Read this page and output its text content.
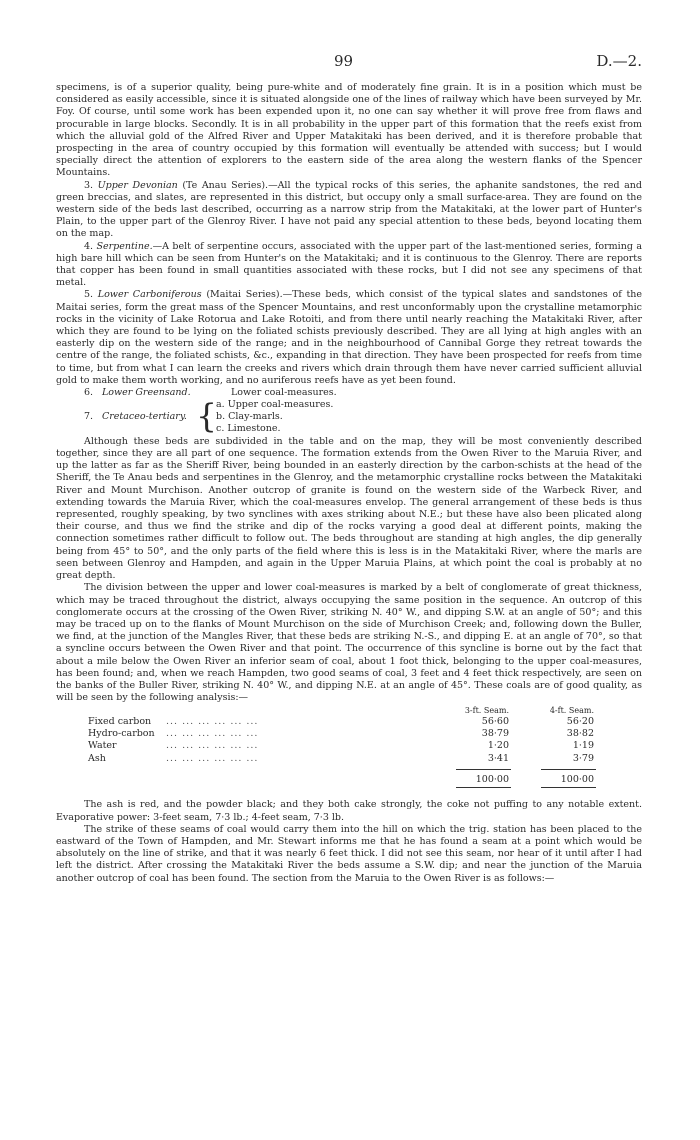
99	D.—2.

specimens, is of a superior quality, being pure-white and of moderately fine grain. It is in a position which must be considered as easily accessible, since it is situated alongside one of the lines of railway which have been surveyed by Mr. Foy. Of course, until some work has been expended upon it, no one can say whether it will prove free from flaws and procurable in large blocks. Secondly. It is in all probability in the upper part of this formation that the reefs exist from which the alluvial gold of the Alfred River and Upper Matakitaki has been derived, and it is therefore probable that prospecting in the area of country occupied by this formation will eventually be attended with success; but I would specially direct the attention of explorers to the eastern side of the area along the western flanks of the Spencer Mountains.

3. Upper Devonian (Te Anau Series).—All the typical rocks of this series, the aphanite sandstones, the red and green breccias, and slates, are represented in this district, but occupy only a small surface-area. They are found on the western side of the beds last described, occurring as a narrow strip from the Matakitaki, at the lower part of Hunter's Plain, to the upper part of the Glenroy River. I have not paid any special attention to these beds, beyond locating them on the map.

4. Serpentine.—A belt of serpentine occurs, associated with the upper part of the last-mentioned series, forming a high bare hill which can be seen from Hunter's on the Matakitaki; and it is continuous to the Glenroy. There are reports that copper has been found in small quantities associated with these rocks, but I did not see any specimens of that metal.

5. Lower Carboniferous (Maitai Series).—These beds, which consist of the typical slates and sandstones of the Maitai series, form the great mass of the Spencer Mountains, and rest unconformably upon the crystalline metamorphic rocks in the vicinity of Lake Rotorua and Lake Rotoiti, and from there until nearly reaching the Matakitaki River, after which they are found to be lying on the foliated schists previously described. They are all lying at high angles with an easterly dip on the western side of the range; and in the neighbourhood of Cannibal Gorge they retreat towards the centre of the range, the foliated schists, &c., expanding in that direction. They have been prospected for reefs from time to time, but from what I can learn the creeks and rivers which drain through them have never carried sufficient alluvial gold to make them worth working, and no auriferous reefs have as yet been found.

6. Lower Greensand.	Lower coal-measures.
7. Cretaceo-tertiary. { a. Upper coal-measures.
b. Clay-marls.
c. Limestone.

Although these beds are subdivided in the table and on the map, they will be most conveniently described together, since they are all part of one sequence. The formation extends from the Owen River to the Maruia River, and up the latter as far as the Sheriff River, being bounded in an easterly direction by the carbon-schists at the head of the Sheriff, the Te Anau beds and serpentines in the Glenroy, and the metamorphic crystalline rocks between the Matakitaki River and Mount Murchison. Another outcrop of granite is found on the western side of the Warbeck River, and extending towards the Maruia River, which the coal-measures envelop. The general arrangement of these beds is thus represented, roughly speaking, by two synclines with axes striking about N.E.; but these have also been plicated along their course, and thus we find the strike and dip of the rocks varying a good deal at different points, making the connection sometimes rather difficult to follow out. The beds throughout are standing at high angles, the dip generally being from 45° to 50°, and the only parts of the field where this is less is in the Matakitaki River, where the marls are seen between Glenroy and Hampden, and again in the Upper Maruia Plains, at which point the coal is probably at no great depth.

The division between the upper and lower coal-measures is marked by a belt of conglomerate of great thickness, which may be traced throughout the district, always occupying the same position in the sequence. An outcrop of this conglomerate occurs at the crossing of the Owen River, striking N. 40° W., and dipping S.W. at an angle of 50°; and this may be traced up on to the flanks of Mount Murchison on the side of Murchison Creek; and, following down the Buller, we find, at the junction of the Mangles River, that these beds are striking N.-S., and dipping E. at an angle of 70°, so that a syncline occurs between the Owen River and that point. The occurrence of this syncline is borne out by the fact that about a mile below the Owen River an inferior seam of coal, about 1 foot thick, belonging to the upper coal-measures, has been found; and, when we reach Hampden, two good seams of coal, 3 feet and 4 feet thick respectively, are seen on the banks of the Buller River, striking N. 40° W., and dipping N.E. at an angle of 45°. These coals are of good quality, as will be seen by the following analysis:—

3-ft. Seam.	4-ft. Seam.
Fixed carbon ... ... ... ... ... ...	56·60	56·20
Hydro-carbon ... ... ... ... ... ...	38·79	38·82
Water	... ... ... ... ... ...	1·20	1·19
Ash	... ... ... ... ... ...	3·41	3·79
100·00	100·00

The ash is red, and the powder black; and they both cake strongly, the coke not puffing to any notable extent. Evaporative power: 3-feet seam, 7·3 lb.; 4-feet seam, 7·3 lb.

The strike of these seams of coal would carry them into the hill on which the trig. station has been placed to the eastward of the Town of Hampden, and Mr. Stewart informs me that he has found a seam at a point which would be absolutely on the line of strike, and that it was nearly 6 feet thick. I did not see this seam, nor hear of it until after I had left the district. After crossing the Matakitaki River the beds assume a S.W. dip; and near the junction of the Maruia another outcrop of coal has been found. The section from the Maruia to the Owen River is as follows:—
